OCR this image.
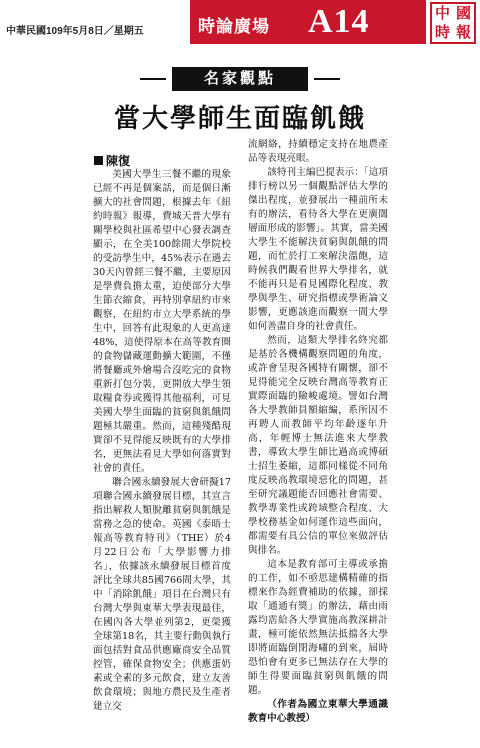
中華民國109年5月8日／星期五	時論廣場 A14	中 國
時 報
名家觀點
當大學師生面臨飢餓
陳復

美國大學生三餐不繼的現象已經不再是個案話，而是個日漸擴大的社會問題，根據去年《紐約時報》報導，費城天普大學有關學校與社區希望中心發表調查顯示，在全美100餘間大學院校的受訪學生中，45%表示在過去30天內曾經三餐不繼，主要原因是學費負擔太重，迫使部分大學生節衣縮食，再特別拿紐約市來觀察，在紐約市立大學系統的學生中，回答有此現象的人更高達48%，這使得原本在高等教育圈的食物儲藏運動擴大範圍，不僅將餐廳或外燴場合沒吃完的食物重新打包分裝，更開放大學生領取糧食券或獲得其他福利，可見美國大學生面臨的貧窮與飢餓問題極其嚴重。然而，這種殘酷現實卻不見得能反映既有的大學排名，更無法看見大學如何落實對社會的責任。

聯合國永續發展大會研擬17項聯合國永續發展目標，其宣言指出解救人類脫離貧窮與飢餓是當務之急的使命。英國《泰晤士報高等教育特刊》（THE）於4月22日公布「大學影響力排名」，依據該永續發展目標首度評比全球共85國766間大學，其中「消除飢餓」項目在台灣只有台灣大學與東華大學表現最佳，在國內各大學並列第2，更榮獲全球第18名，其主要行動與執行面包括對食品供應廠商安全品質控管，確保食物安全；供應蛋奶素或全素的多元飲食，建立友善飲食環境；與地方農民及生產者建立交

流網絡，持續穩定支持在地農產品等表現亮眼。

該特刊主編巴提表示：「這項排行榜以另一個觀點評估大學的傑出程度，並發展出一種前所未有的辦法，看待各大學在更廣闊層面形成的影響」。其實，當美國大學生不能解決貧窮與飢餓的問題，而忙於打工來解決溫飽，這時候我們觀看世界大學排名，就不能再只是看見國際化程度、教學與學生、研究指標或學術論文影響，更應該進而觀察一間大學如何善盡自身的社會責任。

然而，這類大學排名終究都是基於各機構觀察問題的角度，或許會呈現各國特有關懷，卻不見得能完全反映台灣高等教育正實際面臨的險峻處境。譬如台灣各大學教師員額縮編，系所因不再聘人而教師平均年齡逐年升高，年輕博士無法進來大學教書，導致大學生師比過高或博碩士招生萎縮，這都同樣從不同角度反映高教環境惡化的問題，甚至研究議題能否回應社會需要、教學專業性或跨域整合程度、大學校務基金如何運作這些面向，都需要有具公信的單位來做評估與排名。

這本是教育部可主導或承擔的工作，如不亟思建構精確的指標來作為經費補助的依據，卻採取「通通有獎」的辦法，藉由雨露均霑給各大學實施高教深耕計畫，極可能依然無法抵擋各大學即將面臨倒閉海嘯的到來，屆時恐怕會有更多已無法存在大學的師生得要面臨貧窮與飢餓的問題。

（作者為國立東華大學通識教育中心教授）
